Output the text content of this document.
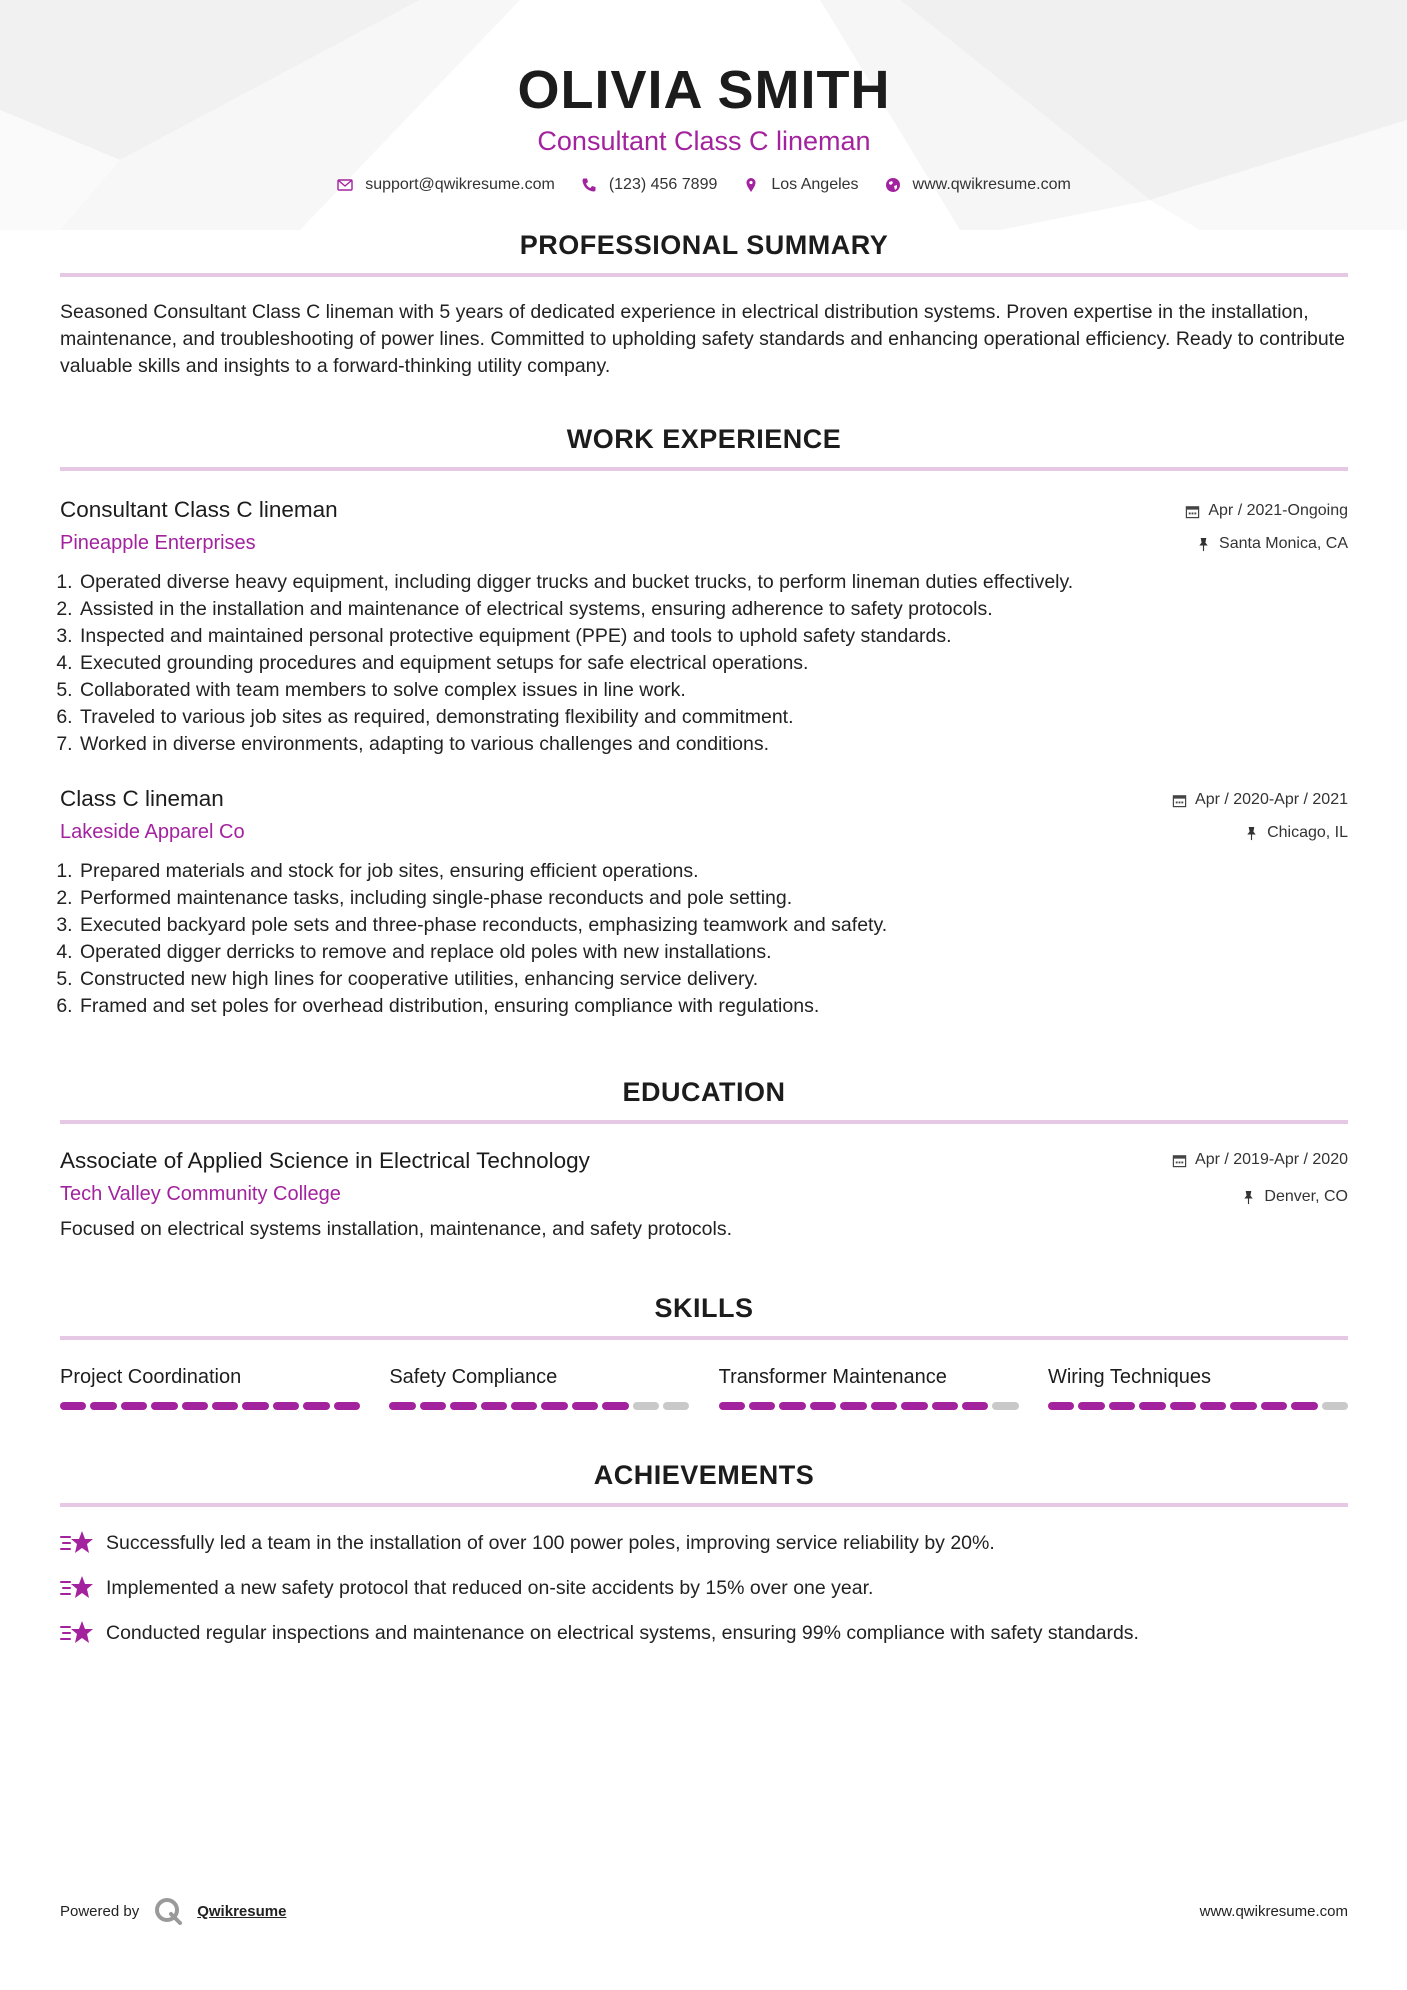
OLIVIA SMITH
Consultant Class C lineman
support@qwikresume.com	(123) 456 7899	Los Angeles	www.qwikresume.com
PROFESSIONAL SUMMARY
Seasoned Consultant Class C lineman with 5 years of dedicated experience in electrical distribution systems. Proven expertise in the installation, maintenance, and troubleshooting of power lines. Committed to upholding safety standards and enhancing operational efficiency. Ready to contribute valuable skills and insights to a forward-thinking utility company.
WORK EXPERIENCE
Consultant Class C lineman
Pineapple Enterprises
Apr / 2021-Ongoing
Santa Monica, CA
1. Operated diverse heavy equipment, including digger trucks and bucket trucks, to perform lineman duties effectively.
2. Assisted in the installation and maintenance of electrical systems, ensuring adherence to safety protocols.
3. Inspected and maintained personal protective equipment (PPE) and tools to uphold safety standards.
4. Executed grounding procedures and equipment setups for safe electrical operations.
5. Collaborated with team members to solve complex issues in line work.
6. Traveled to various job sites as required, demonstrating flexibility and commitment.
7. Worked in diverse environments, adapting to various challenges and conditions.
Class C lineman
Lakeside Apparel Co
Apr / 2020-Apr / 2021
Chicago, IL
1. Prepared materials and stock for job sites, ensuring efficient operations.
2. Performed maintenance tasks, including single-phase reconducts and pole setting.
3. Executed backyard pole sets and three-phase reconducts, emphasizing teamwork and safety.
4. Operated digger derricks to remove and replace old poles with new installations.
5. Constructed new high lines for cooperative utilities, enhancing service delivery.
6. Framed and set poles for overhead distribution, ensuring compliance with regulations.
EDUCATION
Associate of Applied Science in Electrical Technology
Tech Valley Community College
Apr / 2019-Apr / 2020
Denver, CO
Focused on electrical systems installation, maintenance, and safety protocols.
SKILLS
Project Coordination	Safety Compliance	Transformer Maintenance	Wiring Techniques
ACHIEVEMENTS
Successfully led a team in the installation of over 100 power poles, improving service reliability by 20%.
Implemented a new safety protocol that reduced on-site accidents by 15% over one year.
Conducted regular inspections and maintenance on electrical systems, ensuring 99% compliance with safety standards.
Powered by	Qwikresume	www.qwikresume.com
